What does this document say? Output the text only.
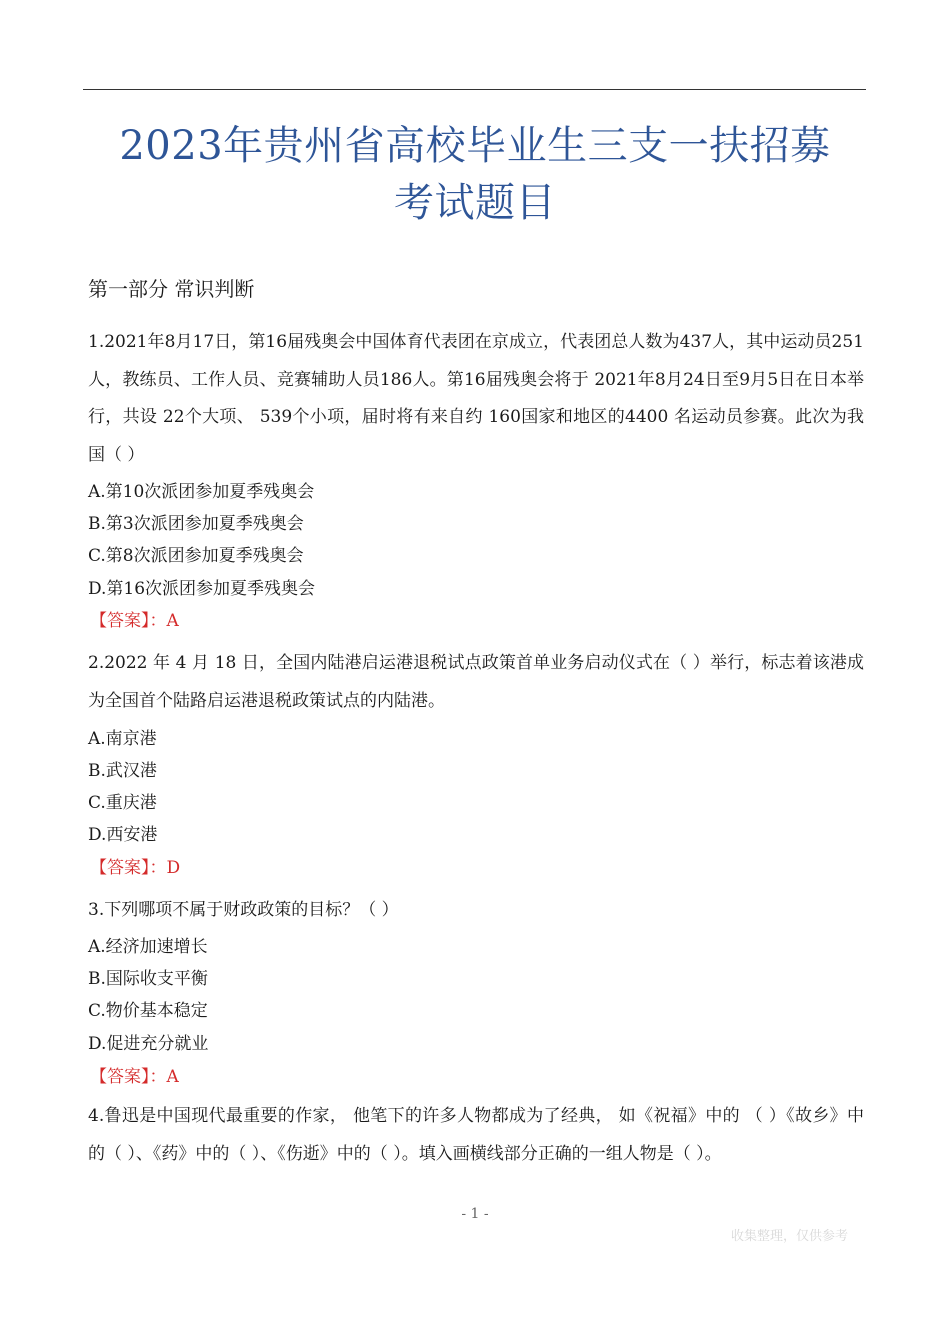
2023年贵州省高校毕业生三支一扶招募
考试题目
第一部分 常识判断
1.2021年8月17日，第16届残奥会中国体育代表团在京成立，代表团总人数为437人，其中运动员251人，教练员、工作人员、竞赛辅助人员186人。第16届残奥会将于 2021年8月24日至9月5日在日本举行，共设 22个大项、 539个小项，届时将有来自约 160国家和地区的4400 名运动员参赛。此次为我国（ ）
A.第10次派团参加夏季残奥会
B.第3次派团参加夏季残奥会
C.第8次派团参加夏季残奥会
D.第16次派团参加夏季残奥会
【答案】：A
2.2022 年 4 月 18 日，全国内陆港启运港退税试点政策首单业务启动仪式在（ ）举行，标志着该港成为全国首个陆路启运港退税政策试点的内陆港。
A.南京港
B.武汉港
C.重庆港
D.西安港
【答案】：D
3.下列哪项不属于财政政策的目标？（ ）
A.经济加速增长
B.国际收支平衡
C.物价基本稳定
D.促进充分就业
【答案】：A
4.鲁迅是中国现代最重要的作家， 他笔下的许多人物都成为了经典， 如《祝福》中的 （ ）《故乡》中的（ ）、《药》中的（ ）、《伤逝》中的（ ）。填入画横线部分正确的一组人物是（ ）。
- 1 -
收集整理，仅供参考
